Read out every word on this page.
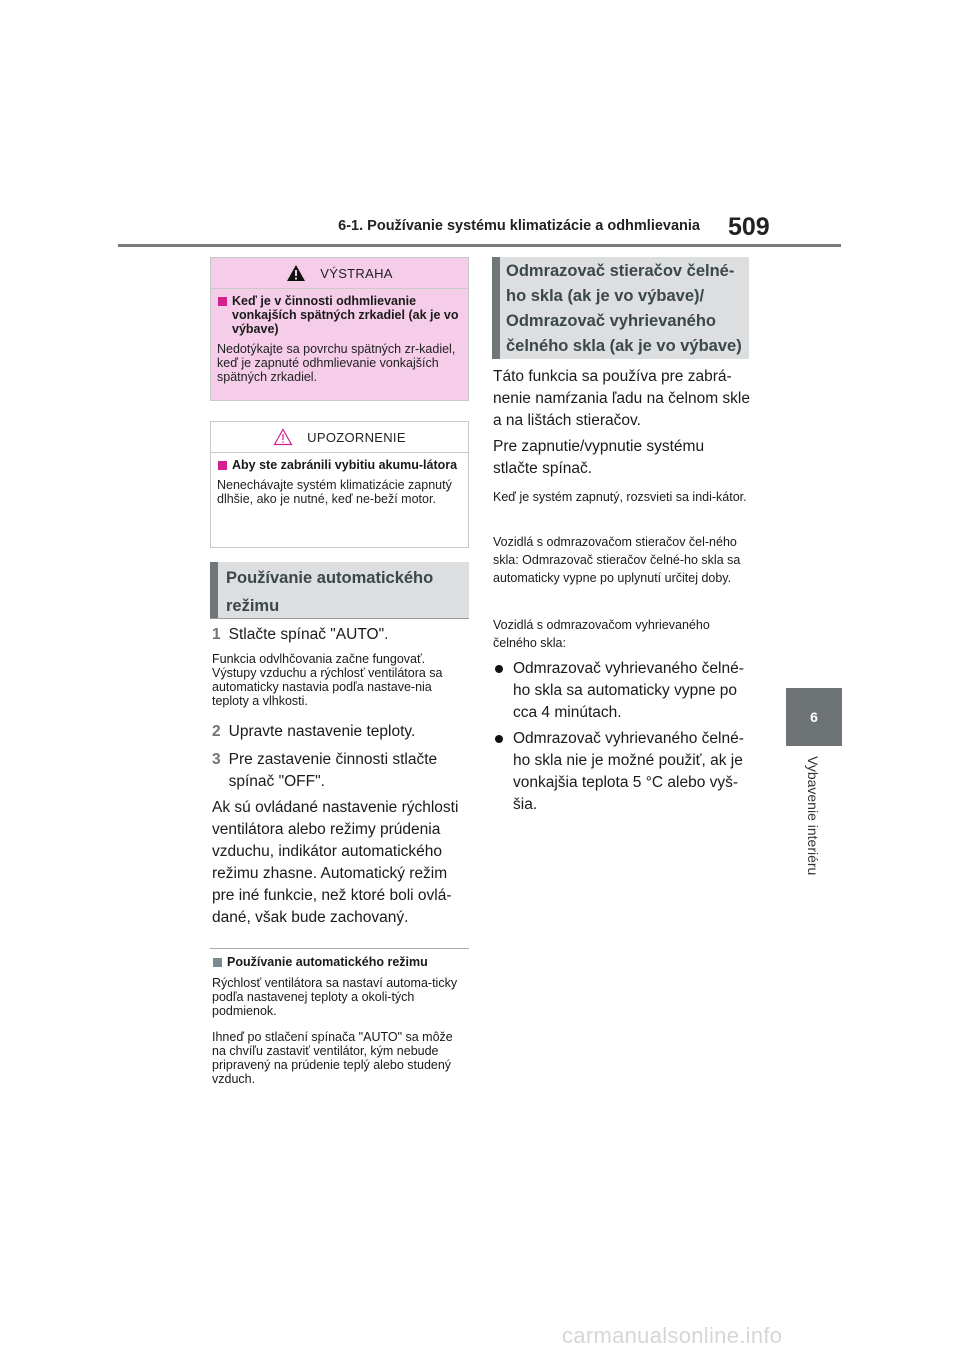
6-1. Používanie systému klimatizácie a odhmlievania 509
6
Vybavenie interiéru
VÝSTRAHA
Keď je v činnosti odhmlievanie vonkajších spätných zrkadiel (ak je vo výbave)
Nedotýkajte sa povrchu spätných zr-kadiel, keď je zapnuté odhmlievanie vonkajších spätných zrkadiel.
UPOZORNENIE
Aby ste zabránili vybitiu akumu-látora
Nenechávajte systém klimatizácie zapnutý dlhšie, ako je nutné, keď ne-beží motor.
Používanie automatického režimu
1 Stlačte spínač "AUTO".
Funkcia odvlhčovania začne fungovať. Výstupy vzduchu a rýchlosť ventilátora sa automaticky nastavia podľa nastave-nia teploty a vlhkosti.
2 Upravte nastavenie teploty.
3 Pre zastavenie činnosti stlačte spínač "OFF".
Ak sú ovládané nastavenie rýchlosti ventilátora alebo režimy prúdenia vzduchu, indikátor automatického režimu zhasne. Automatický režim pre iné funkcie, než ktoré boli ovlá-dané, však bude zachovaný.
Používanie automatického režimu
Rýchlosť ventilátora sa nastaví automa-ticky podľa nastavenej teploty a okoli-tých podmienok.
Ihneď po stlačení spínača "AUTO" sa môže na chvíľu zastaviť ventilátor, kým nebude pripravený na prúdenie teplý alebo studený vzduch.
Odmrazovač stieračov čelné-ho skla (ak je vo výbave)/ Odmrazovač vyhrievaného čelného skla (ak je vo výbave)
Táto funkcia sa používa pre zabrá-nenie namŕzania ľadu na čelnom skle a na lištách stieračov.
Pre zapnutie/vypnutie systému stlačte spínač.
Keď je systém zapnutý, rozsvieti sa indi-kátor.
Vozidlá s odmrazovačom stieračov čel-ného skla: Odmrazovač stieračov čelné-ho skla sa automaticky vypne po uplynutí určitej doby.
Vozidlá s odmrazovačom vyhrievaného čelného skla:
Odmrazovač vyhrievaného čelné-ho skla sa automaticky vypne po cca 4 minútach.
Odmrazovač vyhrievaného čelné-ho skla nie je možné použiť, ak je vonkajšia teplota 5 °C alebo vyš-šia.
carmanualsonline.info
